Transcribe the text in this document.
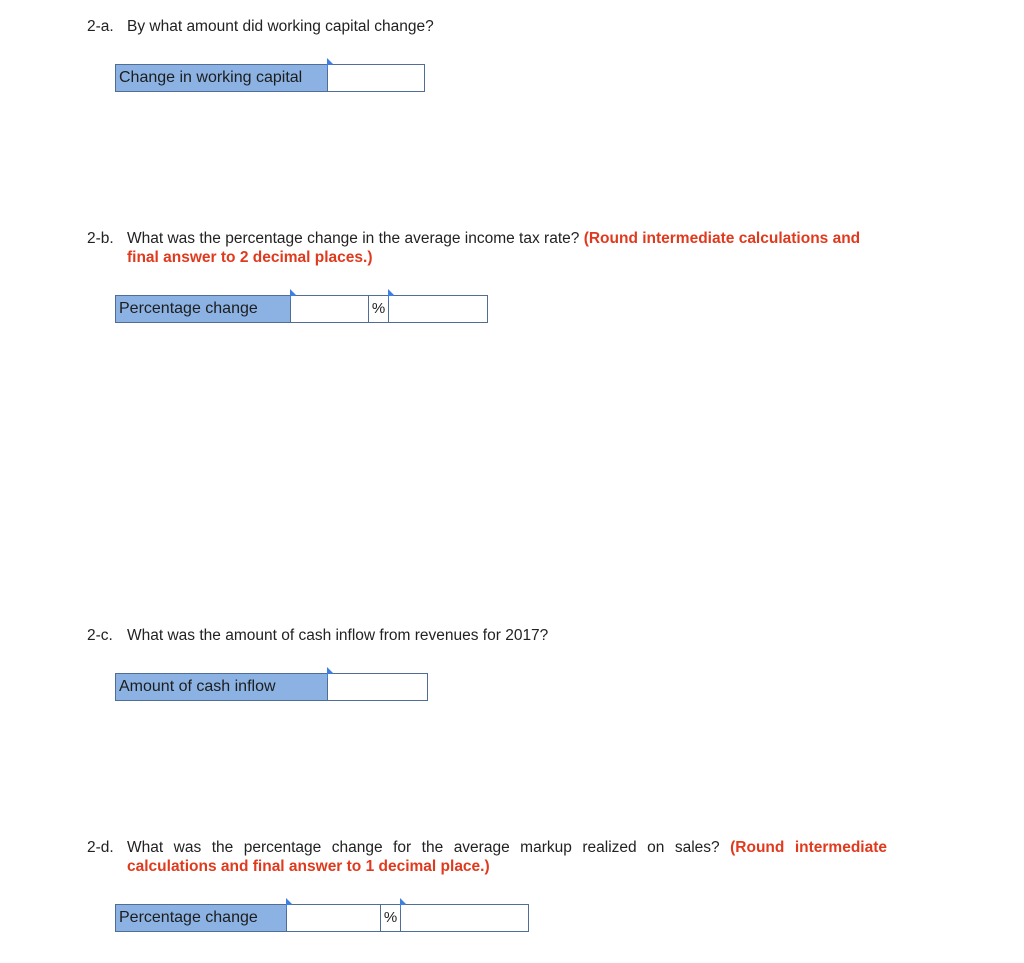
2-a. By what amount did working capital change?
Change in working capital
2-b. What was the percentage change in the average income tax rate? (Round intermediate calculations and final answer to 2 decimal places.)
Percentage change	%
2-c. What was the amount of cash inflow from revenues for 2017?
Amount of cash inflow
2-d. What was the percentage change for the average markup realized on sales? (Round intermediate calculations and final answer to 1 decimal place.)
Percentage change	%
